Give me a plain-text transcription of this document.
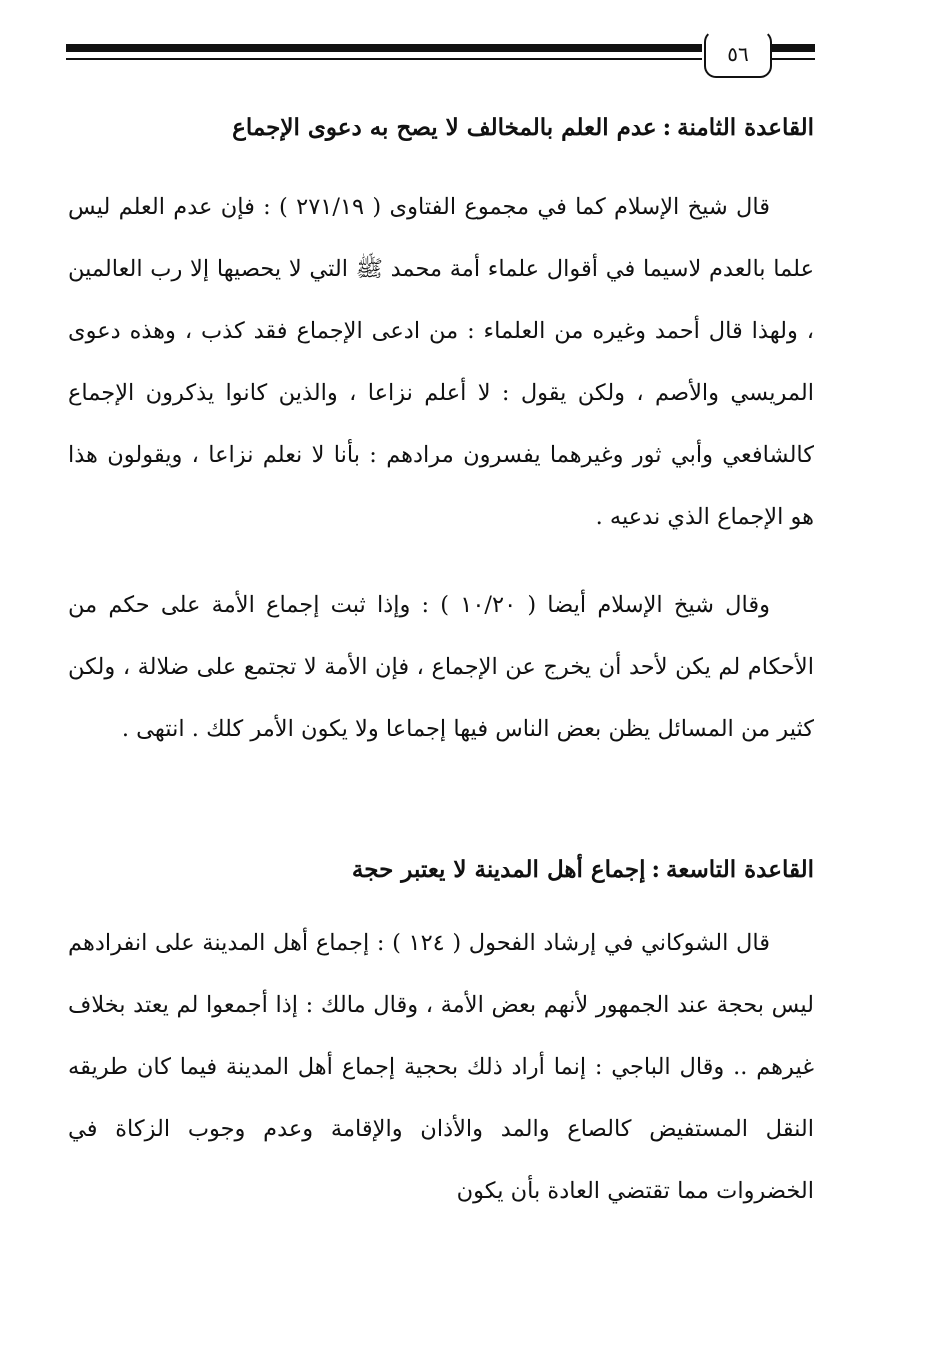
٥٦
القاعدة الثامنة:عدم العلم بالمخالف لا يصح به دعوى الإجماع

قال شيخ الإسلام كما في مجموع الفتاوى ( ٢٧١/١٩ ) : فإن عدم العلم ليس علما بالعدم لاسيما في أقوال علماء أمة محمد ﷺ التي لا يحصيها إلا رب العالمين ، ولهذا قال أحمد وغيره من العلماء : من ادعى الإجماع فقد كذب ، وهذه دعوى المريسي والأصم ، ولكن يقول : لا أعلم نزاعا ، والذين كانوا يذكرون الإجماع كالشافعي وأبي ثور وغيرهما يفسرون مرادهم : بأنا لا نعلم نزاعا ، ويقولون هذا هو الإجماع الذي ندعيه .

وقال شيخ الإسلام أيضا ( ١٠/٢٠ ) : وإذا ثبت إجماع الأمة على حكم من الأحكام لم يكن لأحد أن يخرج عن الإجماع ، فإن الأمة لا تجتمع على ضلالة ، ولكن كثير من المسائل يظن بعض الناس فيها إجماعا ولا يكون الأمر كلك . انتهى .

القاعدة التاسعة:إجماع أهل المدينة لا يعتبر حجة

قال الشوكاني في إرشاد الفحول ( ١٢٤ ) : إجماع أهل المدينة على انفرادهم ليس بحجة عند الجمهور لأنهم بعض الأمة ، وقال مالك : إذا أجمعوا لم يعتد بخلاف غيرهم .. وقال الباجي : إنما أراد ذلك بحجية إجماع أهل المدينة فيما كان طريقه النقل المستفيض كالصاع والمد والأذان والإقامة وعدم وجوب الزكاة في الخضروات مما تقتضي العادة بأن يكون
